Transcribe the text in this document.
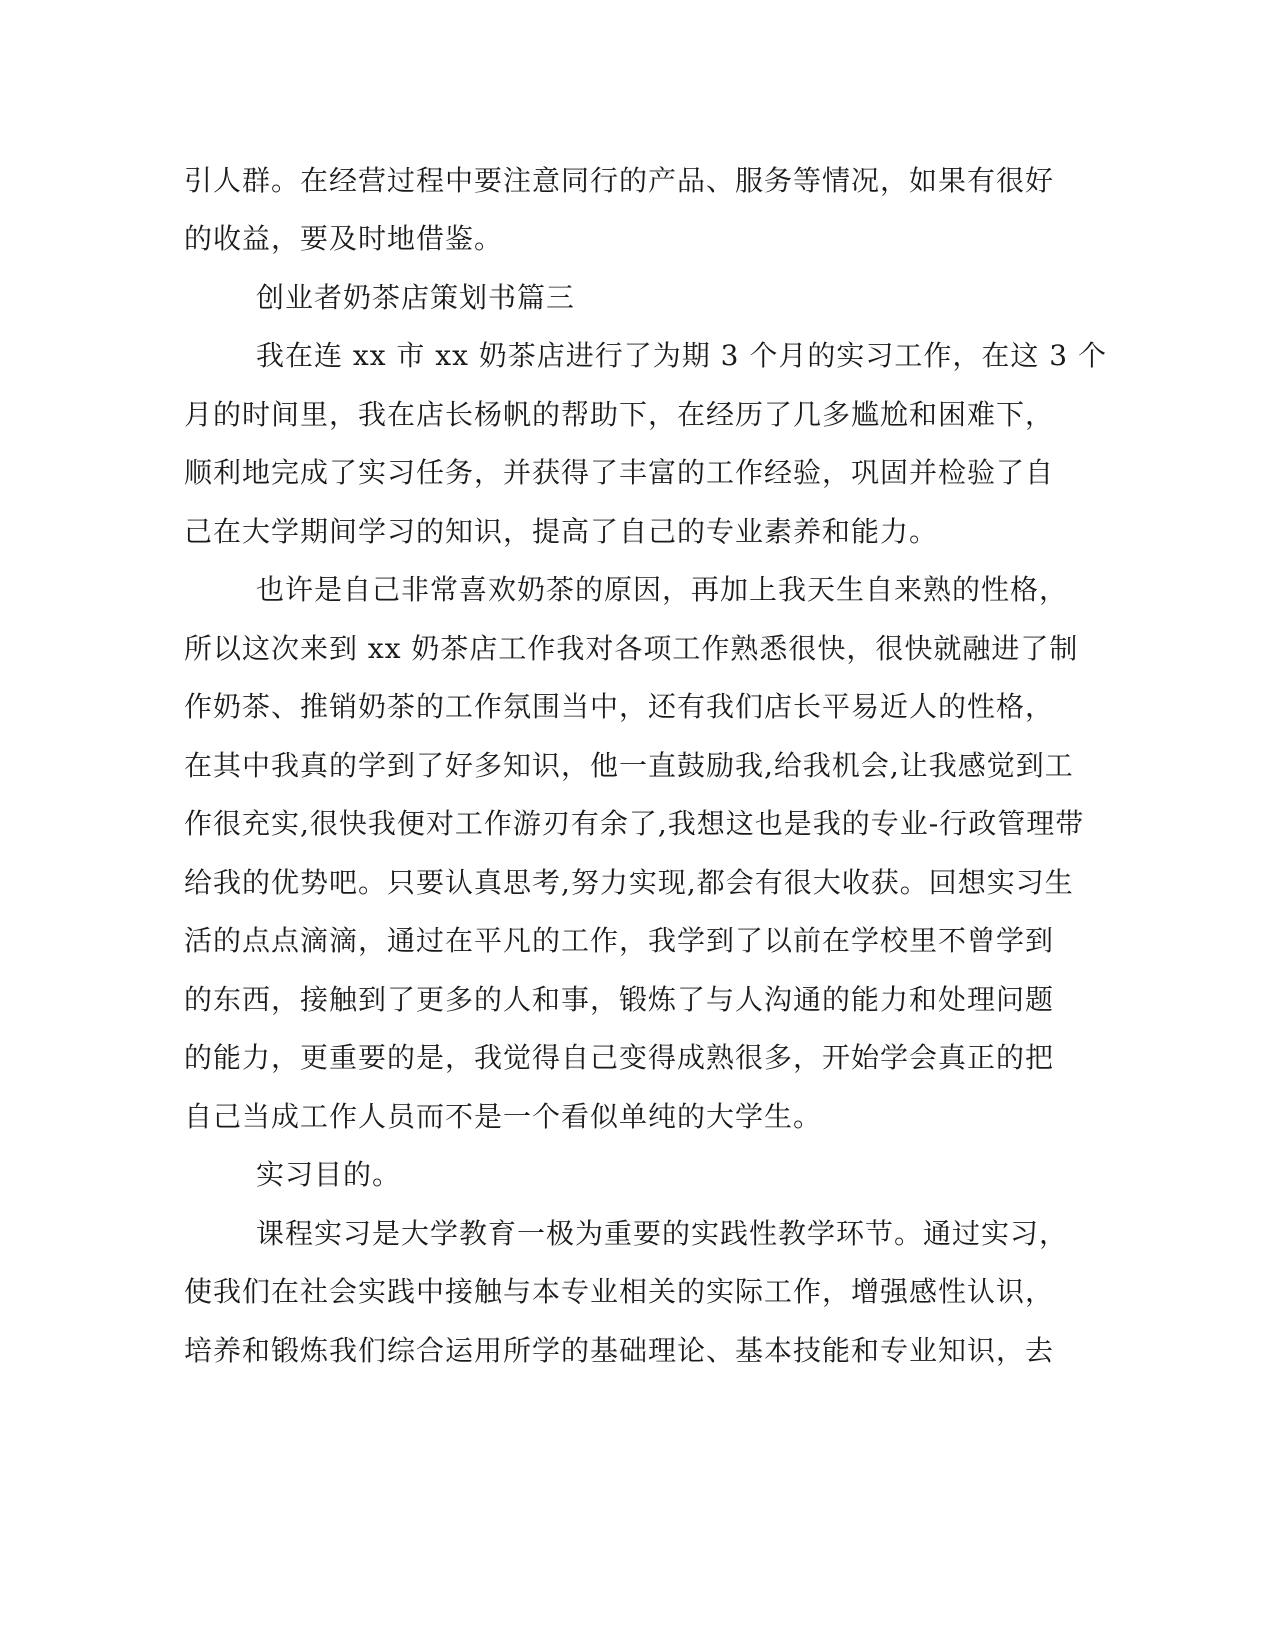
引人群。在经营过程中要注意同行的产品、服务等情况，如果有很好
的收益，要及时地借鉴。
创业者奶茶店策划书篇三
我在连 xx 市 xx 奶茶店进行了为期 3 个月的实习工作，在这 3 个
月的时间里，我在店长杨帆的帮助下，在经历了几多尴尬和困难下，
顺利地完成了实习任务，并获得了丰富的工作经验，巩固并检验了自
己在大学期间学习的知识，提高了自己的专业素养和能力。
也许是自己非常喜欢奶茶的原因，再加上我天生自来熟的性格，
所以这次来到 xx 奶茶店工作我对各项工作熟悉很快，很快就融进了制
作奶茶、推销奶茶的工作氛围当中，还有我们店长平易近人的性格，
在其中我真的学到了好多知识，他一直鼓励我,给我机会,让我感觉到工
作很充实,很快我便对工作游刃有余了,我想这也是我的专业-行政管理带
给我的优势吧。只要认真思考,努力实现,都会有很大收获。回想实习生
活的点点滴滴，通过在平凡的工作，我学到了以前在学校里不曾学到
的东西，接触到了更多的人和事，锻炼了与人沟通的能力和处理问题
的能力，更重要的是，我觉得自己变得成熟很多，开始学会真正的把
自己当成工作人员而不是一个看似单纯的大学生。
实习目的。
课程实习是大学教育一极为重要的实践性教学环节。通过实习，
使我们在社会实践中接触与本专业相关的实际工作，增强感性认识，
培养和锻炼我们综合运用所学的基础理论、基本技能和专业知识，去
